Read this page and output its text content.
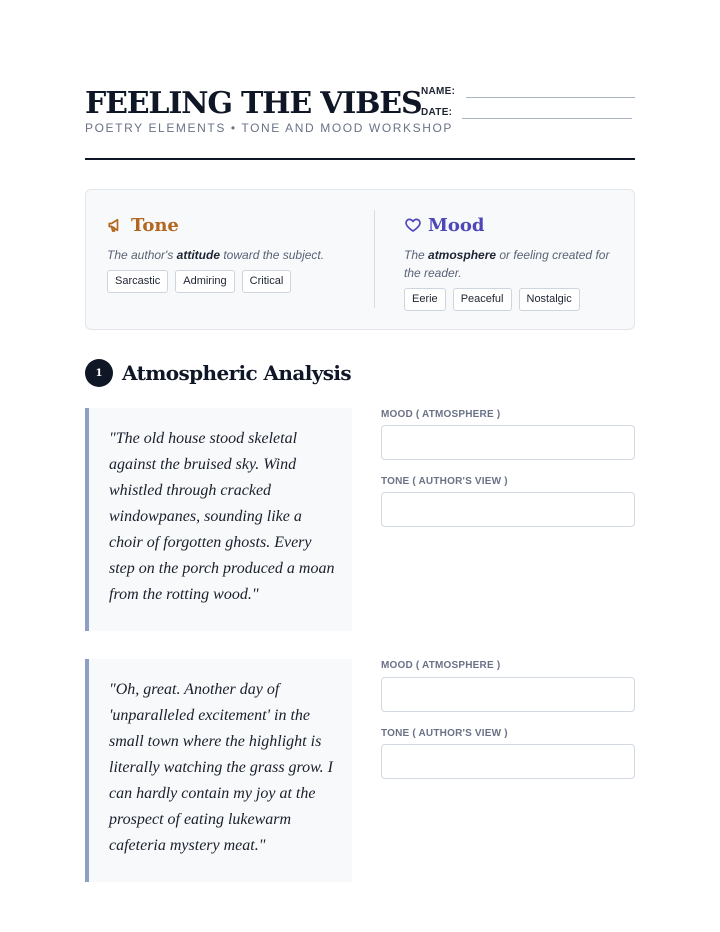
FEELING THE VIBES
POETRY ELEMENTS • TONE AND MOOD WORKSHOP
NAME:
DATE:
Tone
The author's attitude toward the subject.
Sarcastic	Admiring	Critical
Mood
The atmosphere or feeling created for the reader.
Eerie	Peaceful	Nostalgic
1 Atmospheric Analysis

"The old house stood skeletal against the bruised sky. Wind whistled through cracked windowpanes, sounding like a choir of forgotten ghosts. Every step on the porch produced a moan from the rotting wood."

MOOD ( ATMOSPHERE )
TONE ( AUTHOR'S VIEW )

"Oh, great. Another day of 'unparalleled excitement' in the small town where the highlight is literally watching the grass grow. I can hardly contain my joy at the prospect of eating lukewarm cafeteria mystery meat."

MOOD ( ATMOSPHERE )
TONE ( AUTHOR'S VIEW )
